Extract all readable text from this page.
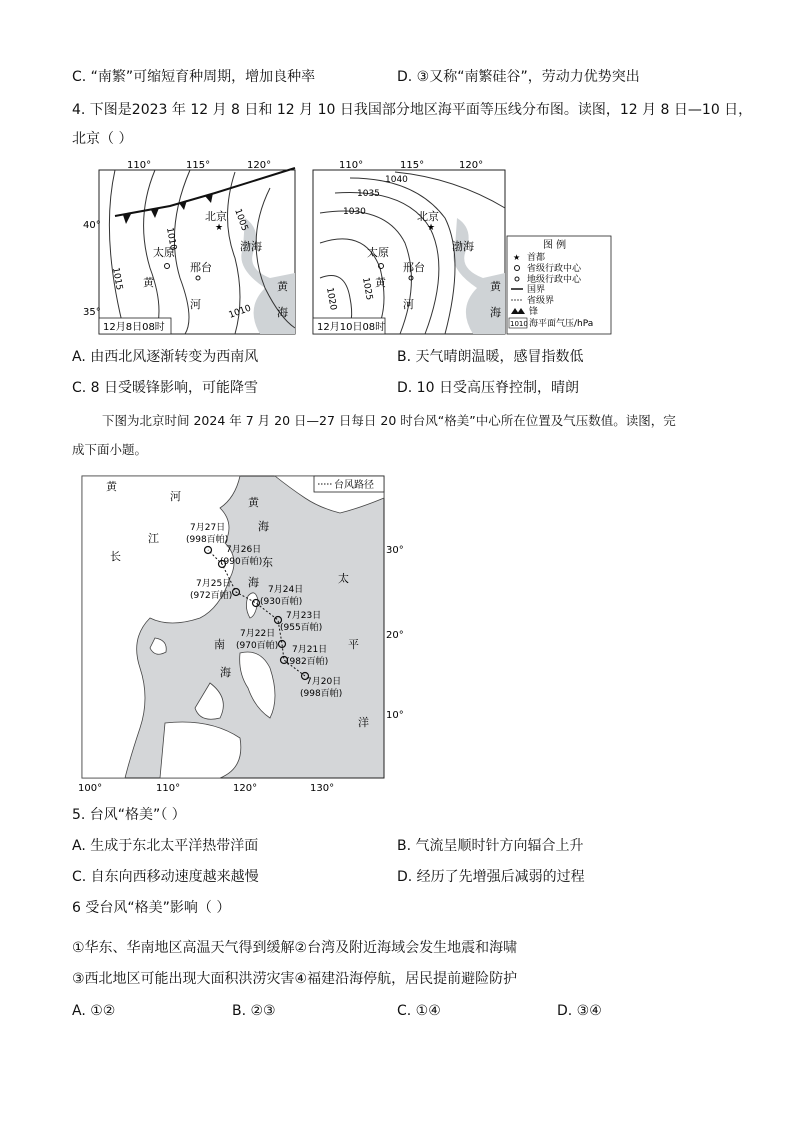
C. “南繁”可缩短育种周期，增加良种率	D. ③又称“南繁硅谷”，劳动力优势突出
4. 下图是2023 年 12 月 8 日和 12 月 10 日我国部分地区海平面等压线分布图。读图，12 月 8 日—10 日，
北京（ ）
110°	115°	120°
40°
35°
1005
1010
1015
1010
北京
★
太原
邢台
渤海
黄
河
黄
海
12月8日08时
110°	115°	120°
1040
1035
1030
1025
1020
北京
★
太原
邢台
渤海
黄
河
黄
海
12月10日08时
图 例
★ 首都
省级行政中心
地级行政中心
国界
省级界
锋
1010 海平面气压/hPa
A. 由西北风逐渐转变为西南风	B. 天气晴朗温暖，感冒指数低
C. 8 日受暖锋影响，可能降雪	D. 10 日受高压脊控制，晴朗
下图为北京时间 2024 年 7 月 20 日—27 日每日 20 时台风“格美”中心所在位置及气压数值。读图，完
成下面小题。
台风路径
30°
20°
10°
100°	110°	120°	130°
黄
河	黄
海
长
江
东
海	太
平
洋
南
海
7月27日
(998百帕)
7月26日
(990百帕)
7月25日
(972百帕)
7月24日
(930百帕)
7月23日
(955百帕)
7月22日
(970百帕) 7月21日
(982百帕)
7月20日
(998百帕)
5. 台风“格美”（ ）
A. 生成于东北太平洋热带洋面	B. 气流呈顺时针方向辐合上升
C. 自东向西移动速度越来越慢	D. 经历了先增强后减弱的过程
6 受台风“格美”影响（ ）
①华东、华南地区高温天气得到缓解②台湾及附近海域会发生地震和海啸
③西北地区可能出现大面积洪涝灾害④福建沿海停航，居民提前避险防护
A. ①②	B. ②③	C. ①④	D. ③④
